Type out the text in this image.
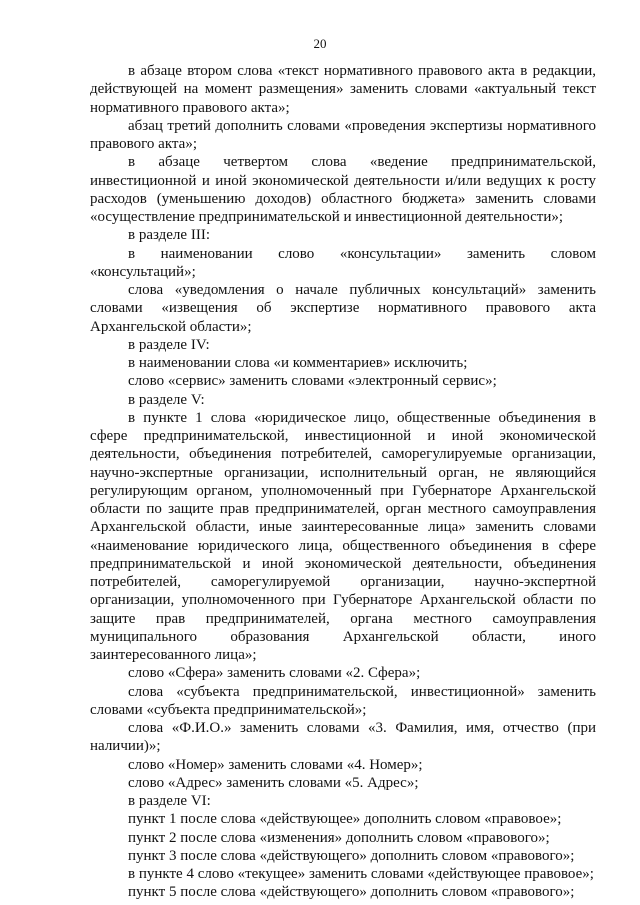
20

в абзаце втором слова «текст нормативного правового акта в редакции, действующей на момент размещения» заменить словами «актуальный текст нормативного правового акта»;

абзац третий дополнить словами «проведения экспертизы нормативного правового акта»;

в абзаце четвертом слова «ведение предпринимательской, инвестиционной и иной экономической деятельности и/или ведущих к росту расходов (уменьшению доходов) областного бюджета» заменить словами «осуществление предпринимательской и инвестиционной деятельности»;

в разделе III:

в наименовании слово «консультации» заменить словом «консультаций»;

слова «уведомления о начале публичных консультаций» заменить словами «извещения об экспертизе нормативного правового акта Архангельской области»;

в разделе IV:

в наименовании слова «и комментариев» исключить;

слово «сервис» заменить словами «электронный сервис»;

в разделе V:

в пункте 1 слова «юридическое лицо, общественные объединения в сфере предпринимательской, инвестиционной и иной экономической деятельности, объединения потребителей, саморегулируемые организации, научно-экспертные организации, исполнительный орган, не являющийся регулирующим органом, уполномоченный при Губернаторе Архангельской области по защите прав предпринимателей, орган местного самоуправления Архангельской области, иные заинтересованные лица» заменить словами «наименование юридического лица, общественного объединения в сфере предпринимательской и иной экономической деятельности, объединения потребителей, саморегулируемой организации, научно-экспертной организации, уполномоченного при Губернаторе Архангельской области по защите прав предпринимателей, органа местного самоуправления муниципального образования Архангельской области, иного заинтересованного лица»;

слово «Сфера» заменить словами «2. Сфера»;

слова «субъекта предпринимательской, инвестиционной» заменить словами «субъекта предпринимательской»;

слова «Ф.И.О.» заменить словами «3. Фамилия, имя, отчество (при наличии)»;

слово «Номер» заменить словами «4. Номер»;

слово «Адрес» заменить словами «5. Адрес»;

в разделе VI:

пункт 1 после слова «действующее» дополнить словом «правовое»;

пункт 2 после слова «изменения» дополнить словом «правового»;

пункт 3 после слова «действующего» дополнить словом «правового»;

в пункте 4 слово «текущее» заменить словами «действующее правовое»;

пункт 5 после слова «действующего» дополнить словом «правового»;
